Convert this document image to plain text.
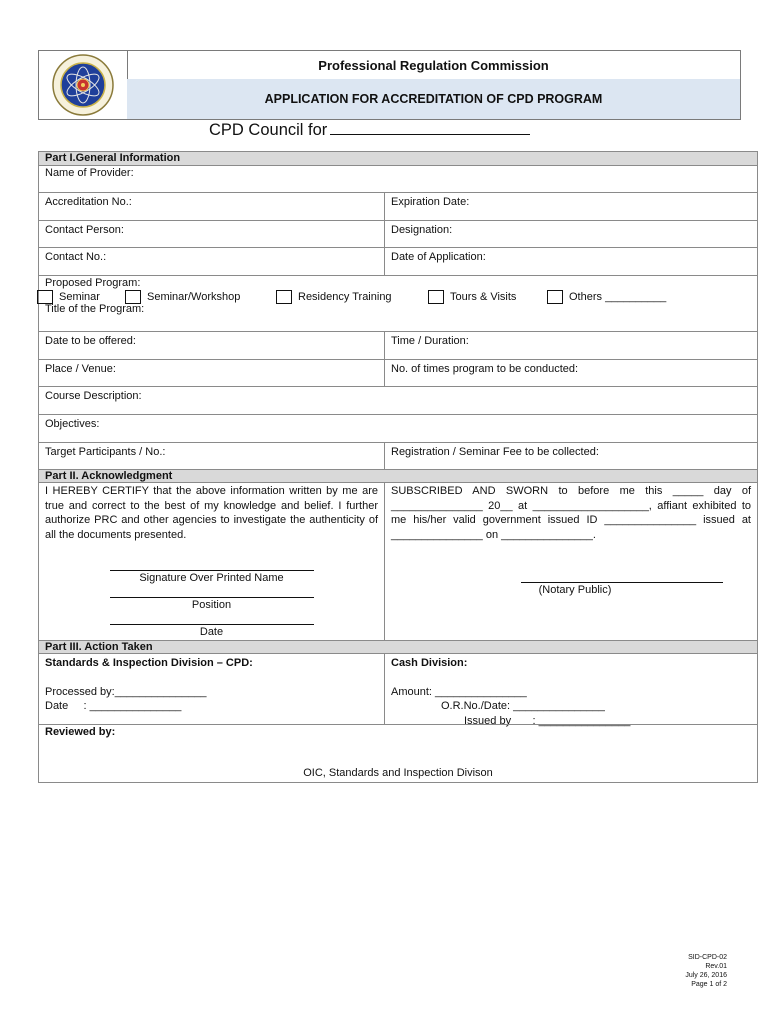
Professional Regulation Commission
APPLICATION FOR ACCREDITATION OF CPD PROGRAM
CPD Council for
Part I.General Information
Name of Provider:
Accreditation No.:	Expiration Date:
Contact Person:	Designation:
Contact No.:	Date of Application:
Proposed Program:
Seminar	Seminar/Workshop	Residency Training	Tours & Visits	Others __________
Title of the Program:
Date to be offered:	Time / Duration:
Place / Venue:	No. of times program to be conducted:
Course Description:
Objectives:
Target Participants / No.:	Registration / Seminar Fee to be collected:
Part II. Acknowledgment
I HEREBY CERTIFY that the above information written by me are true and correct to the best of my knowledge and belief. I further authorize PRC and other agencies to investigate the authenticity of all the documents presented.
Signature Over Printed Name
Position
Date
SUBSCRIBED AND SWORN to before me this _____ day of _______________ 20__ at ___________________, affiant exhibited to me his/her valid government issued ID _______________ issued at _______________ on _______________.
(Notary Public)
Part III. Action Taken
Standards & Inspection Division – CPD:
Processed by:_______________
Date     : _______________
Cash Division:
Amount: _______________
O.R.No./Date: _______________
Issued by       : _______________
Reviewed by:
OIC, Standards and Inspection Divison
SID-CPD-02
Rev.01
July 26, 2016
Page 1 of 2
